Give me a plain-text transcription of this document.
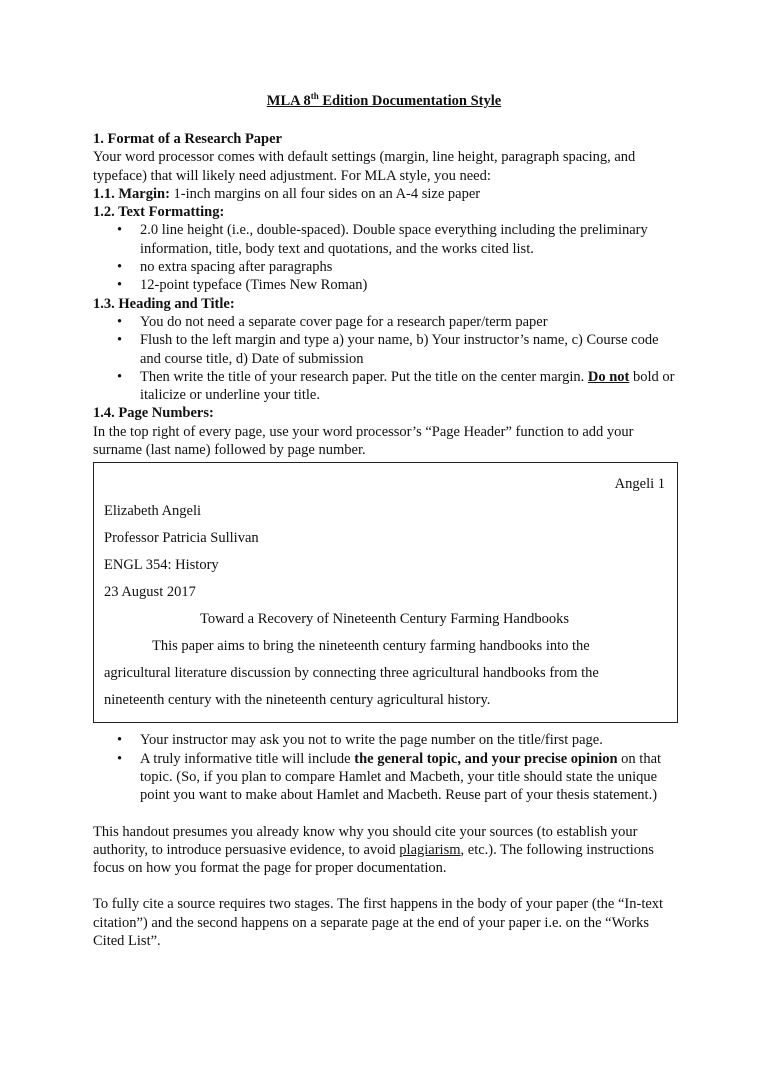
MLA 8th Edition Documentation Style

1. Format of a Research Paper

Your word processor comes with default settings (margin, line height, paragraph spacing, and typeface) that will likely need adjustment. For MLA style, you need:

1.1. Margin: 1-inch margins on all four sides on an A-4 size paper

1.2. Text Formatting:

• 2.0 line height (i.e., double-spaced). Double space everything including the preliminary information, title, body text and quotations, and the works cited list.
• no extra spacing after paragraphs
• 12-point typeface (Times New Roman)

1.3. Heading and Title:

• You do not need a separate cover page for a research paper/term paper
• Flush to the left margin and type a) your name, b) Your instructor’s name, c) Course code and course title, d) Date of submission
• Then write the title of your research paper. Put the title on the center margin. Do not bold or italicize or underline your title.

1.4. Page Numbers:

In the top right of every page, use your word processor’s “Page Header” function to add your surname (last name) followed by page number.

Angeli 1
Elizabeth Angeli
Professor Patricia Sullivan
ENGL 354: History
23 August 2017
Toward a Recovery of Nineteenth Century Farming Handbooks
This paper aims to bring the nineteenth century farming handbooks into the
agricultural literature discussion by connecting three agricultural handbooks from the
nineteenth century with the nineteenth century agricultural history.
• Your instructor may ask you not to write the page number on the title/first page.
• A truly informative title will include the general topic, and your precise opinion on that topic. (So, if you plan to compare Hamlet and Macbeth, your title should state the unique point you want to make about Hamlet and Macbeth. Reuse part of your thesis statement.)

This handout presumes you already know why you should cite your sources (to establish your authority, to introduce persuasive evidence, to avoid plagiarism, etc.). The following instructions focus on how you format the page for proper documentation.

To fully cite a source requires two stages. The first happens in the body of your paper (the “In-text citation”) and the second happens on a separate page at the end of your paper i.e. on the “Works Cited List”.
